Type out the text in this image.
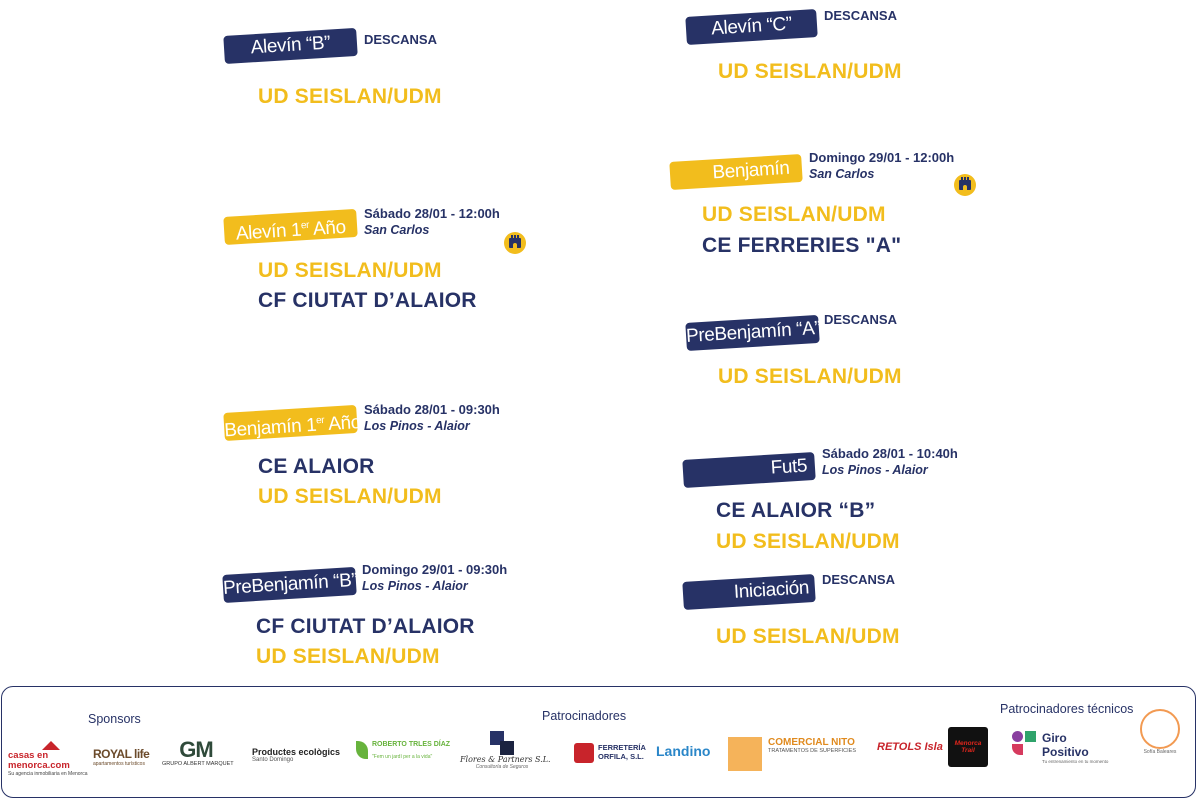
Alevín “B”	DESCANSA
UD SEISLAN/UDM
Alevín “C”	DESCANSA
UD SEISLAN/UDM
Benjamín
Domingo 29/01 - 12:00h
San Carlos
UD SEISLAN/UDM
CE FERRERIES "A"
Alevín 1er Año
Sábado 28/01 - 12:00h
San Carlos
UD SEISLAN/UDM
CF CIUTAT D’ALAIOR
PreBenjamín “A” DESCANSA
UD SEISLAN/UDM
Benjamín 1er Año
Sábado 28/01 - 09:30h
Los Pinos - Alaior
CE ALAIOR
UD SEISLAN/UDM
Fut5
Sábado 28/01 - 10:40h
Los Pinos - Alaior
CE ALAIOR “B”
UD SEISLAN/UDM
PreBenjamín “B”
Domingo 29/01 - 09:30h
Los Pinos - Alaior
CF CIUTAT D’ALAIOR
UD SEISLAN/UDM
Iniciación DESCANSA
UD SEISLAN/UDM
Sponsors	Patrocinadores	Patrocinadores técnicos
casas en menorca.com
Su agencia inmobiliaria en Menorca
ROYAL life
apartamentos turísticos
GM
GRUPO ALBERT MARQUET
Productes ecològics
Santo Domingo
ROBERTO TRLES DÍAZ
"Fem un jardí per a la vida"	Flores & Partners S.L.
Consultoría de Seguros
FERRETERÍA ORFILA, S.L. Landino
COMERCIAL NITO
TRATAMENTOS DE SUPERFICIES RETOLS Isla	Menorca Trail
Giro Positivo
Tu entrenamiento en tu momento
Sofía Baleares
